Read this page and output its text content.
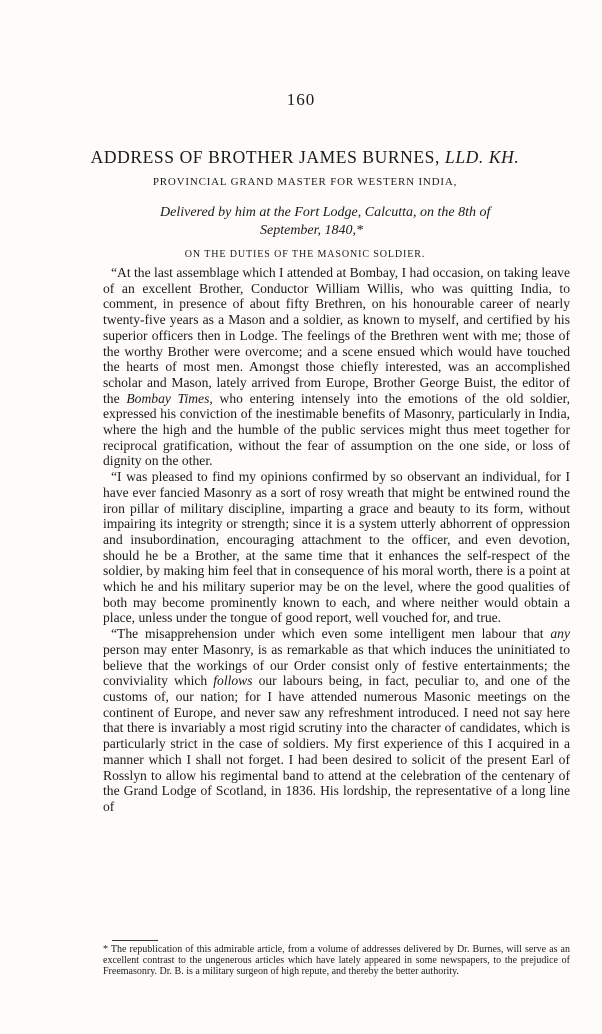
160
ADDRESS OF BROTHER JAMES BURNES, LLD. KH.
PROVINCIAL GRAND MASTER FOR WESTERN INDIA,
Delivered by him at the Fort Lodge, Calcutta, on the 8th of
September, 1840,*
ON THE DUTIES OF THE MASONIC SOLDIER.

“At the last assemblage which I attended at Bombay, I had occasion, on taking leave of an excellent Brother, Conductor William Willis, who was quitting India, to comment, in presence of about fifty Brethren, on his honourable career of nearly twenty-five years as a Mason and a soldier, as known to myself, and certified by his superior officers then in Lodge. The feelings of the Brethren went with me; those of the worthy Brother were overcome; and a scene ensued which would have touched the hearts of most men. Amongst those chiefly interested, was an accomplished scholar and Mason, lately arrived from Europe, Brother George Buist, the editor of the Bombay Times, who entering intensely into the emotions of the old soldier, expressed his conviction of the inestimable benefits of Masonry, particularly in India, where the high and the humble of the public services might thus meet together for reciprocal gratification, without the fear of assumption on the one side, or loss of dignity on the other.

“I was pleased to find my opinions confirmed by so observant an individual, for I have ever fancied Masonry as a sort of rosy wreath that might be entwined round the iron pillar of military discipline, imparting a grace and beauty to its form, without impairing its integrity or strength; since it is a system utterly abhorrent of oppression and insubordination, encouraging attachment to the officer, and even devotion, should he be a Brother, at the same time that it enhances the self-respect of the soldier, by making him feel that in consequence of his moral worth, there is a point at which he and his military superior may be on the level, where the good qualities of both may become prominently known to each, and where neither would obtain a place, unless under the tongue of good report, well vouched for, and true.

“The misapprehension under which even some intelligent men labour that any person may enter Masonry, is as remarkable as that which induces the uninitiated to believe that the workings of our Order consist only of festive entertainments; the conviviality which follows our labours being, in fact, peculiar to, and one of the customs of, our nation; for I have attended numerous Masonic meetings on the continent of Europe, and never saw any refreshment introduced. I need not say here that there is invariably a most rigid scrutiny into the character of candidates, which is particularly strict in the case of soldiers. My first experience of this I acquired in a manner which I shall not forget. I had been desired to solicit of the present Earl of Rosslyn to allow his regimental band to attend at the celebration of the centenary of the Grand Lodge of Scotland, in 1836. His lordship, the representative of a long line of

* The republication of this admirable article, from a volume of addresses delivered by Dr. Burnes, will serve as an excellent contrast to the ungenerous articles which have lately appeared in some newspapers, to the prejudice of Freemasonry. Dr. B. is a military surgeon of high repute, and thereby the better authority.
